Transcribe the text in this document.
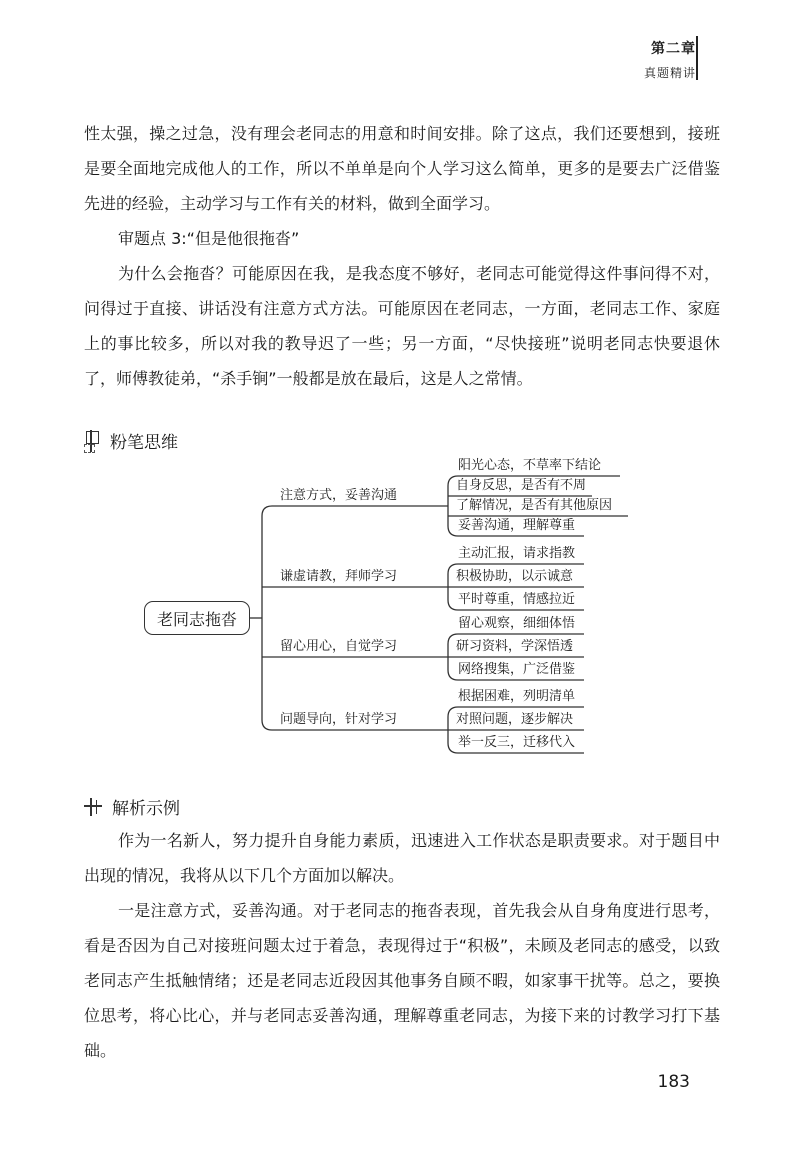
第二章
真题精讲

性太强，操之过急，没有理会老同志的用意和时间安排。除了这点，我们还要想到，接班是要全面地完成他人的工作，所以不单单是向个人学习这么简单，更多的是要去广泛借鉴先进的经验，主动学习与工作有关的材料，做到全面学习。

审题点 3:“但是他很拖沓”

为什么会拖沓？可能原因在我，是我态度不够好，老同志可能觉得这件事问得不对，问得过于直接、讲话没有注意方式方法。可能原因在老同志，一方面，老同志工作、家庭上的事比较多，所以对我的教导迟了一些；另一方面，“尽快接班”说明老同志快要退休了，师傅教徒弟，“杀手锏”一般都是放在最后，这是人之常情。

粉笔思维
老同志拖沓
注意方式，妥善沟通
谦虚请教，拜师学习
留心用心，自觉学习
问题导向，针对学习
阳光心态，不草率下结论
自身反思，是否有不周
了解情况，是否有其他原因
妥善沟通，理解尊重
主动汇报，请求指教
积极协助，以示诚意
平时尊重，情感拉近
留心观察，细细体悟
研习资料，学深悟透
网络搜集，广泛借鉴
根据困难，列明清单
对照问题，逐步解决
举一反三，迁移代入
解析示例

作为一名新人，努力提升自身能力素质，迅速进入工作状态是职责要求。对于题目中出现的情况，我将从以下几个方面加以解决。

一是注意方式，妥善沟通。对于老同志的拖沓表现，首先我会从自身角度进行思考，看是否因为自己对接班问题太过于着急，表现得过于“积极”，未顾及老同志的感受，以致老同志产生抵触情绪；还是老同志近段因其他事务自顾不暇，如家事干扰等。总之，要换位思考，将心比心，并与老同志妥善沟通，理解尊重老同志，为接下来的讨教学习打下基础。

183
